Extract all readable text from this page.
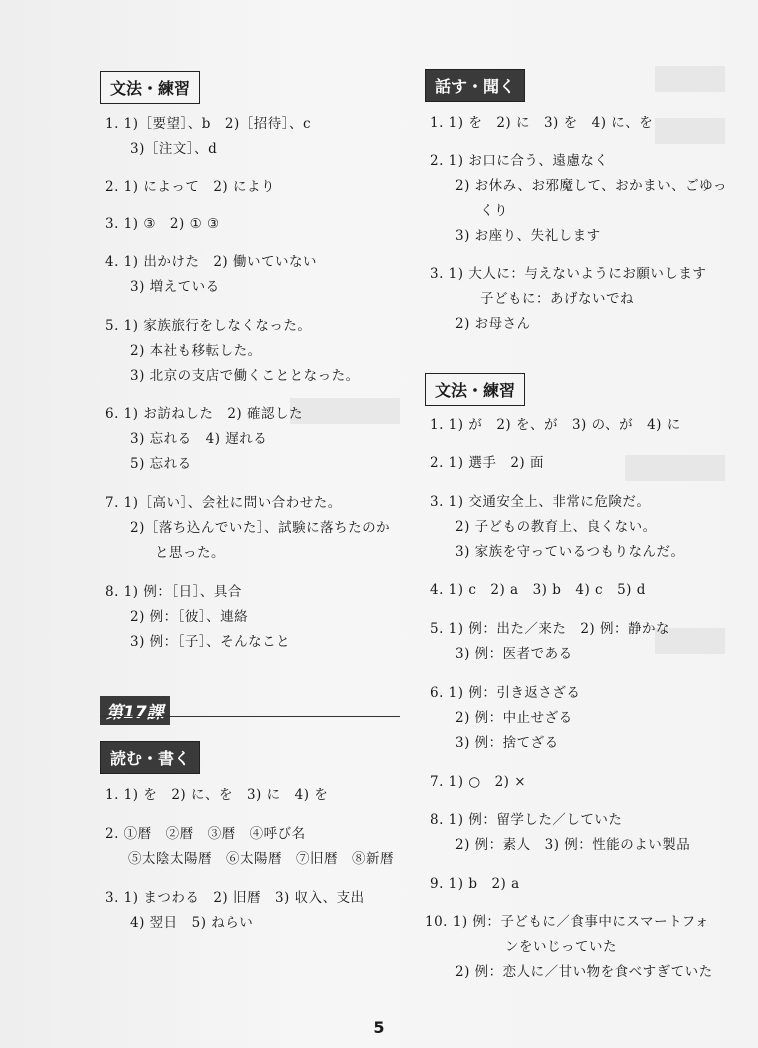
文法・練習
1. 1)［要望］、b　2)［招待］、c
3)［注文］、d
2. 1) によって　2) により
3. 1) ③　2) ① ③
4. 1) 出かけた　2) 働いていない
3) 増えている
5. 1) 家族旅行をしなくなった。
2) 本社も移転した。
3) 北京の支店で働くこととなった。
6. 1) お訪ねした　2) 確認した
3) 忘れる　4) 遅れる
5) 忘れる
7. 1)［高い］、会社に問い合わせた。
2)［落ち込んでいた］、試験に落ちたのか
と思った。
8. 1) 例：［日］、具合
2) 例：［彼］、連絡
3) 例：［子］、そんなこと
第17課
読む・書く
1. 1) を　2) に、を　3) に　4) を
2. ①暦　②暦　③暦　④呼び名
⑤太陰太陽暦　⑥太陽暦　⑦旧暦　⑧新暦
3. 1) まつわる　2) 旧暦　3) 収入、支出
4) 翌日　5) ねらい
話す・聞く
1. 1) を　2) に　3) を　4) に、を
2. 1) お口に合う、遠慮なく
2) お休み、お邪魔して、おかまい、ごゆっ
くり
3) お座り、失礼します
3. 1) 大人に：与えないようにお願いします
子どもに：あげないでね
2) お母さん
文法・練習
1. 1) が　2) を、が　3) の、が　4) に
2. 1) 選手　2) 面
3. 1) 交通安全上、非常に危険だ。
2) 子どもの教育上、良くない。
3) 家族を守っているつもりなんだ。
4. 1) c　2) a　3) b　4) c　5) d
5. 1) 例：出た／来た　2) 例：静かな
3) 例：医者である
6. 1) 例：引き返さざる
2) 例：中止せざる
3) 例：捨てざる
7. 1) ○　2) ×
8. 1) 例：留学した／していた
2) 例：素人　3) 例：性能のよい製品
9. 1) b　2) a
10. 1) 例：子どもに／食事中にスマートフォ
ンをいじっていた
2) 例：恋人に／甘い物を食べすぎていた
5
